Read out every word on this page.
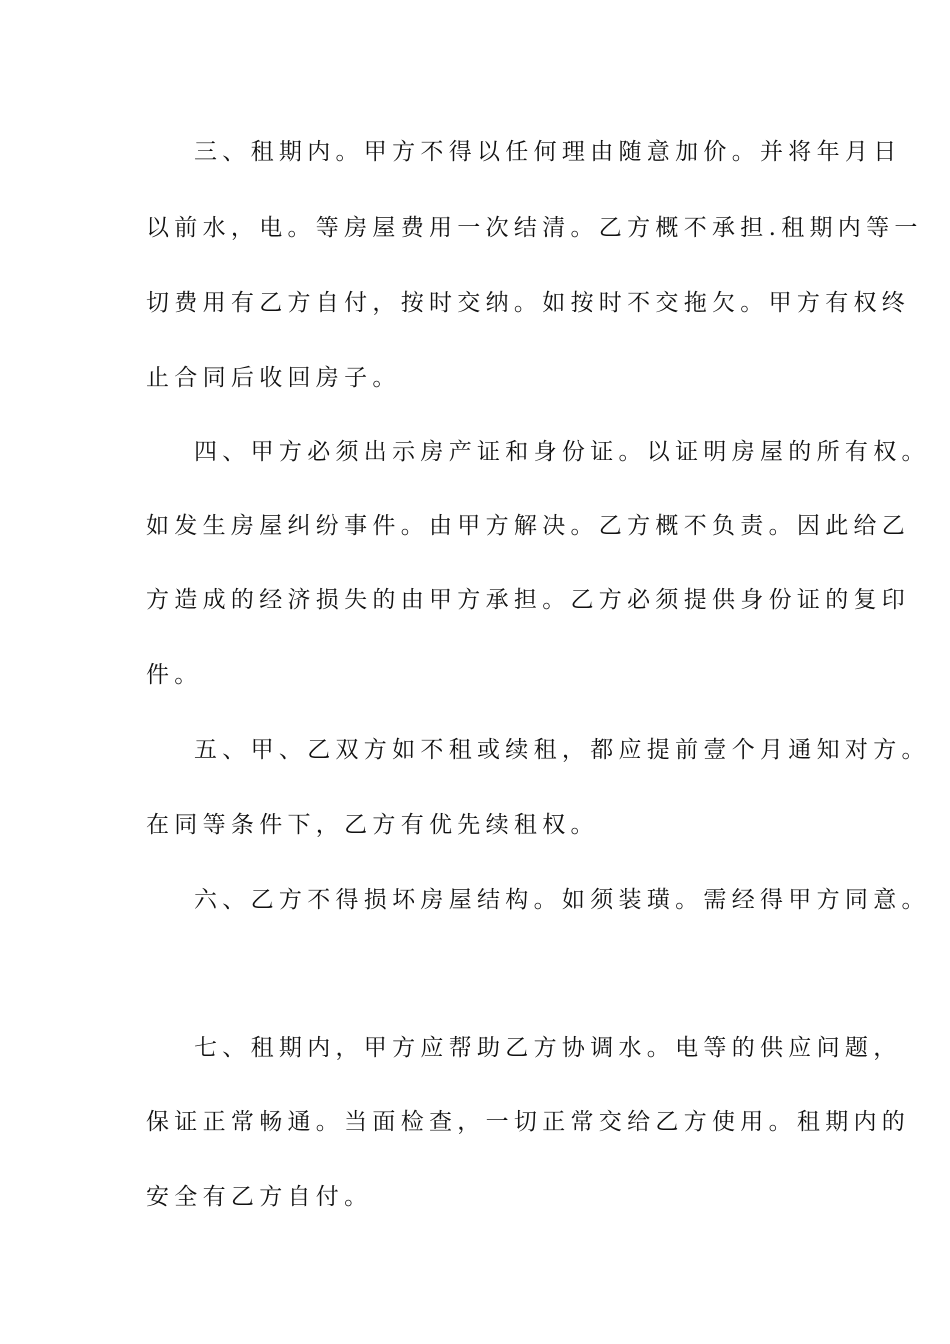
三、租期内。甲方不得以任何理由随意加价。并将年月日

以前水，电。等房屋费用一次结清。乙方概不承担.租期内等一

切费用有乙方自付，按时交纳。如按时不交拖欠。甲方有权终

止合同后收回房子。

四、甲方必须出示房产证和身份证。以证明房屋的所有权。

如发生房屋纠纷事件。由甲方解决。乙方概不负责。因此给乙

方造成的经济损失的由甲方承担。乙方必须提供身份证的复印

件。

五、甲、乙双方如不租或续租，都应提前壹个月通知对方。

在同等条件下，乙方有优先续租权。

六、乙方不得损坏房屋结构。如须装璜。需经得甲方同意。

七、租期内，甲方应帮助乙方协调水。电等的供应问题，

保证正常畅通。当面检查，一切正常交给乙方使用。租期内的

安全有乙方自付。
